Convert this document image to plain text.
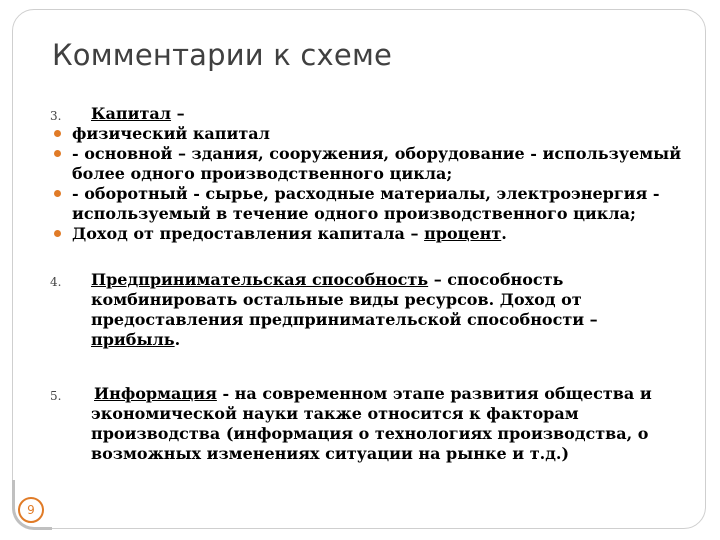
Комментарии к схеме
3. Капитал –
физический капитал
- основной – здания, сооружения, оборудование - используемый более одного производственного цикла;
- оборотный - сырье, расходные материалы, электроэнергия - используемый в течение одного производственного цикла;
Доход от предоставления капитала – процент.
4. Предпринимательская способность – способность комбинировать остальные виды ресурсов. Доход от предоставления предпринимательской способности – прибыль.
5. Информация - на современном этапе развития общества и экономической науки также относится к факторам производства (информация о технологиях производства, о возможных изменениях ситуации на рынке и т.д.)
9
